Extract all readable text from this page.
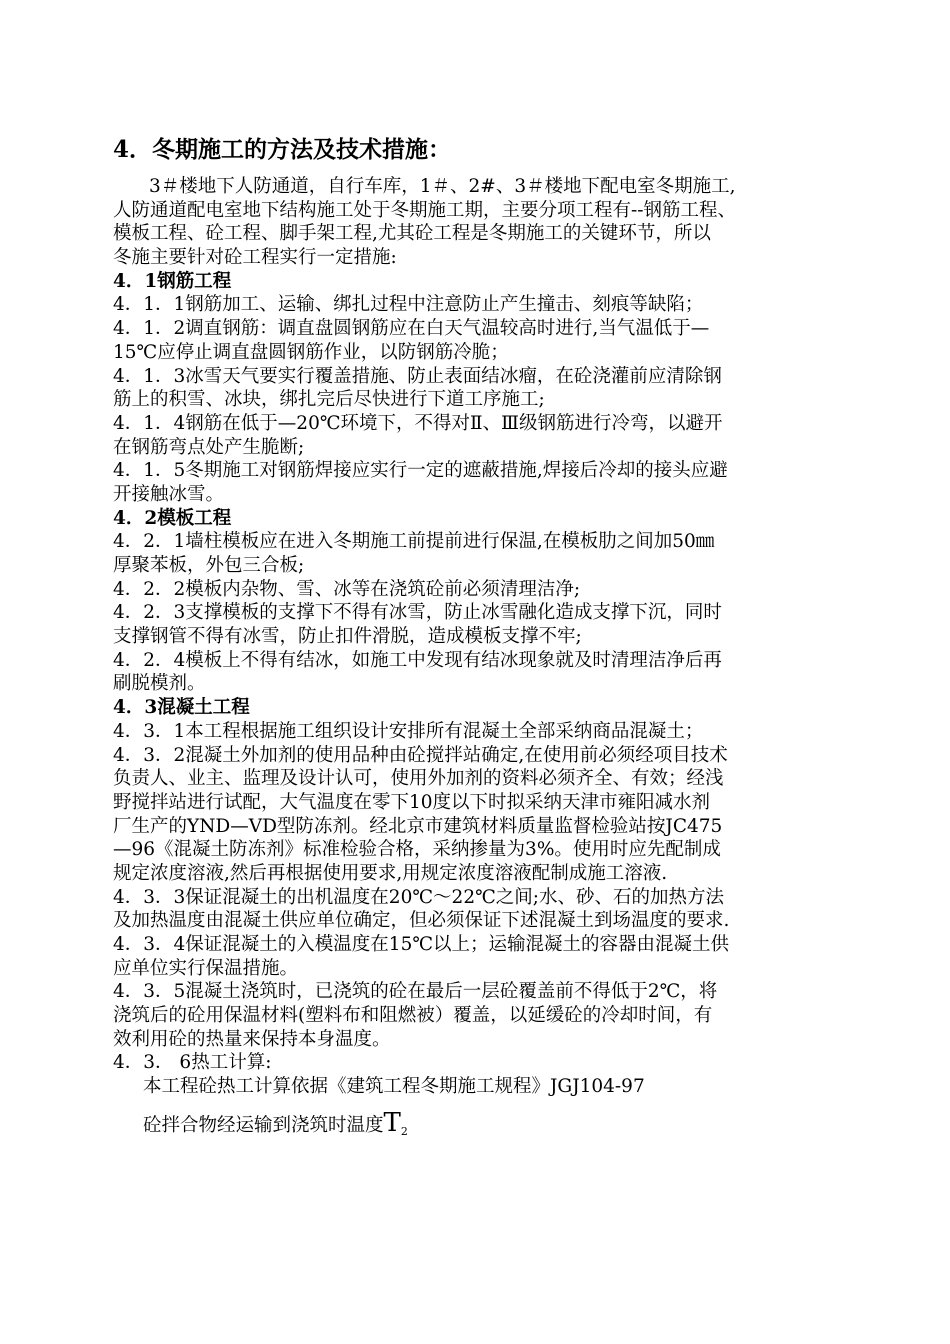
4．冬期施工的方法及技术措施：
3＃楼地下人防通道，自行车库，1＃、2#、3＃楼地下配电室冬期施工,
人防通道配电室地下结构施工处于冬期施工期，主要分项工程有--钢筋工程、
模板工程、砼工程、脚手架工程,尤其砼工程是冬期施工的关键环节，所以
冬施主要针对砼工程实行一定措施:
4．1钢筋工程
4．1．1钢筋加工、运输、绑扎过程中注意防止产生撞击、刻痕等缺陷；
4．1．2调直钢筋：调直盘圆钢筋应在白天气温较高时进行,当气温低于—
15℃应停止调直盘圆钢筋作业，以防钢筋冷脆；
4．1．3冰雪天气要实行覆盖措施、防止表面结冰瘤，在砼浇灌前应清除钢
筋上的积雪、冰块，绑扎完后尽快进行下道工序施工;
4．1．4钢筋在低于—20℃环境下，不得对Ⅱ、Ⅲ级钢筋进行冷弯，以避开
在钢筋弯点处产生脆断;
4．1．5冬期施工对钢筋焊接应实行一定的遮蔽措施,焊接后冷却的接头应避
开接触冰雪。
4．2模板工程
4．2．1墙柱模板应在进入冬期施工前提前进行保温,在模板肋之间加50㎜
厚聚苯板，外包三合板;
4．2．2模板内杂物、雪、冰等在浇筑砼前必须清理洁净;
4．2．3支撑模板的支撑下不得有冰雪，防止冰雪融化造成支撑下沉，同时
支撑钢管不得有冰雪，防止扣件滑脱，造成模板支撑不牢;
4．2．4模板上不得有结冰，如施工中发现有结冰现象就及时清理洁净后再
刷脱模剂。
4．3混凝土工程
4．3．1本工程根据施工组织设计安排所有混凝土全部采纳商品混凝土；
4．3．2混凝土外加剂的使用品种由砼搅拌站确定,在使用前必须经项目技术
负责人、业主、监理及设计认可，使用外加剂的资料必须齐全、有效；经浅
野搅拌站进行试配，大气温度在零下10度以下时拟采纳天津市雍阳减水剂
厂生产的YND—VD型防冻剂。经北京市建筑材料质量监督检验站按JC475
—96《混凝土防冻剂》标准检验合格，采纳掺量为3%。使用时应先配制成
规定浓度溶液,然后再根据使用要求,用规定浓度溶液配制成施工溶液.
4．3．3保证混凝土的出机温度在20℃～22℃之间;水、砂、石的加热方法
及加热温度由混凝土供应单位确定，但必须保证下述混凝土到场温度的要求.
4．3．4保证混凝土的入模温度在15℃以上；运输混凝土的容器由混凝土供
应单位实行保温措施。
4．3．5混凝土浇筑时，已浇筑的砼在最后一层砼覆盖前不得低于2℃，将
浇筑后的砼用保温材料(塑料布和阻燃被）覆盖，以延缓砼的冷却时间，有
效利用砼的热量来保持本身温度。
4．3． 6热工计算:
本工程砼热工计算依据《建筑工程冬期施工规程》JGJ104-97
砼拌合物经运输到浇筑时温度$T_2$
